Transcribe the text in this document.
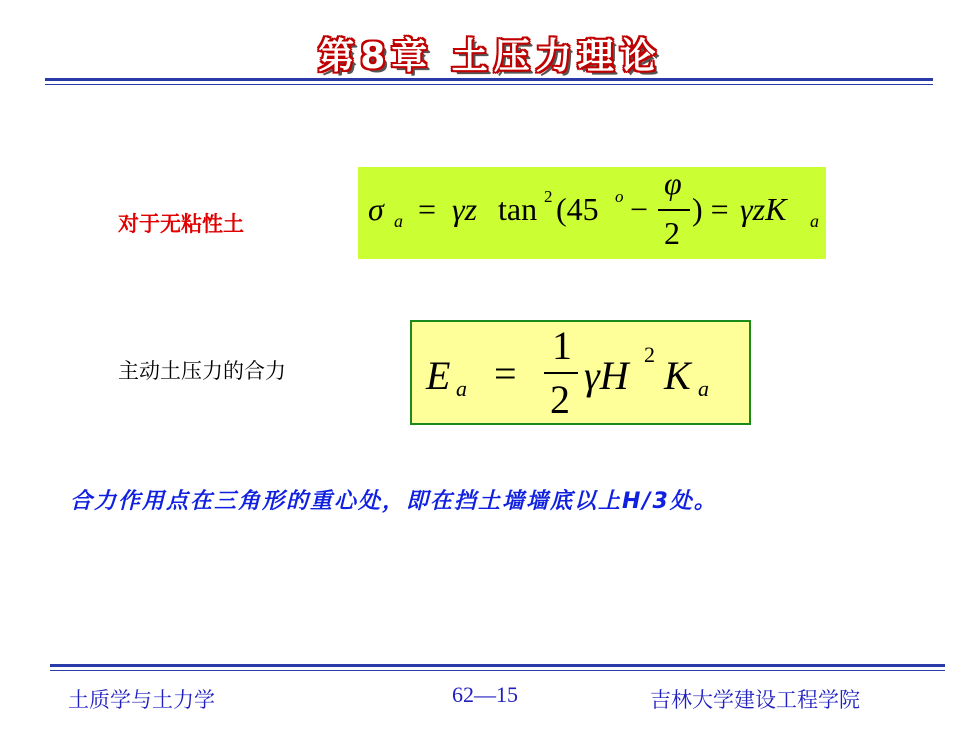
第8章 土压力理论
对于无粘性土	σ a = γz tan 2 (45 o −
φ
2
) = γzK a
主动土压力的合力	E a =
1
2
γH 2 K a
合力作用点在三角形的重心处，即在挡土墙墙底以上H/3处。
土质学与土力学	62—15	吉林大学建设工程学院
